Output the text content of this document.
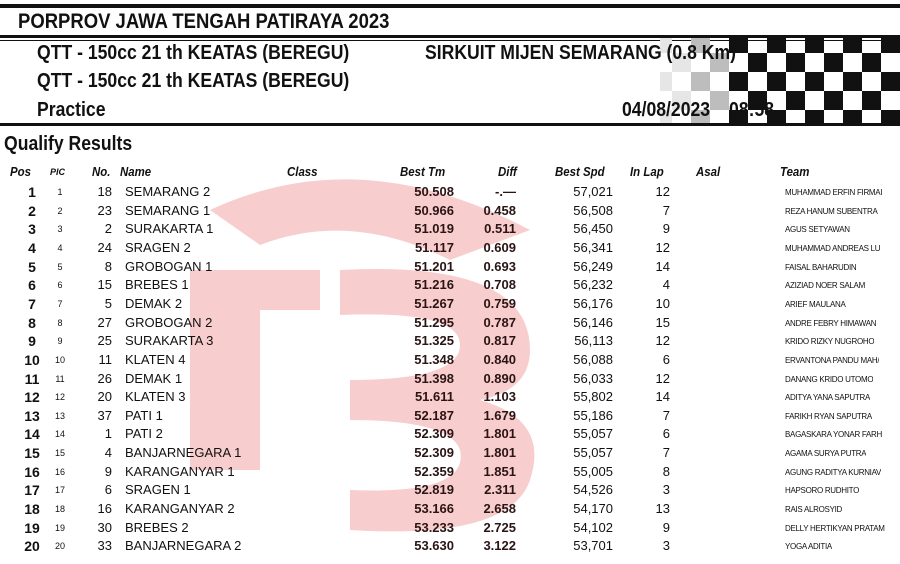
PORPROV JAWA TENGAH PATIRAYA 2023
QTT - 150cc 21 th KEATAS (BEREGU)
QTT - 150cc 21 th KEATAS (BEREGU)
Practice
SIRKUIT MIJEN SEMARANG (0.8 Km)
04/08/2023 08:58
Qualify Results
Pos PIC No. Name	Class	Best Tm	Diff	Best Spd In Lap Asal	Team
1	1	18 SEMARANG 2	50.508	-.—	57,021	12	MUHAMMAD ERFIN FIRMAI
2	2	23 SEMARANG 1	50.966	0.458	56,508	7	REZA HANUM SUBENTRA
3	3	2 SURAKARTA 1	51.019	0.511	56,450	9	AGUS SETYAWAN
4	4	24 SRAGEN 2	51.117	0.609	56,341	12	MUHAMMAD ANDREAS LU
5	5	8 GROBOGAN 1	51.201	0.693	56,249	14	FAISAL BAHARUDIN
6	6	15 BREBES 1	51.216	0.708	56,232	4	AZIZIAD NOER SALAM
7	7	5 DEMAK 2	51.267	0.759	56,176	10	ARIEF MAULANA
8	8	27 GROBOGAN 2	51.295	0.787	56,146	15	ANDRE FEBRY HIMAWAN
9	9	25 SURAKARTA 3	51.325	0.817	56,113	12	KRIDO RIZKY NUGROHO
10	10	11 KLATEN 4	51.348	0.840	56,088	6	ERVANTONA PANDU MAH/
11	11	26 DEMAK 1	51.398	0.890	56,033	12	DANANG KRIDO UTOMO
12	12	20 KLATEN 3	51.611	1.103	55,802	14	ADITYA YANA SAPUTRA
13	13	37 PATI 1	52.187	1.679	55,186	7	FARIKH RYAN SAPUTRA
14	14	1 PATI 2	52.309	1.801	55,057	6	BAGASKARA YONAR FARH
15	15	4 BANJARNEGARA 1	52.309	1.801	55,057	7	AGAMA SURYA PUTRA
16	16	9 KARANGANYAR 1	52.359	1.851	55,005	8	AGUNG RADITYA KURNIAV
17	17	6 SRAGEN 1	52.819	2.311	54,526	3	HAPSORO RUDHITO
18	18	16 KARANGANYAR 2	53.166	2.658	54,170	13	RAIS ALROSYID
19	19	30 BREBES 2	53.233	2.725	54,102	9	DELLY HERTIKYAN PRATAM
20	20	33 BANJARNEGARA 2	53.630	3.122	53,701	3	YOGA ADITIA
